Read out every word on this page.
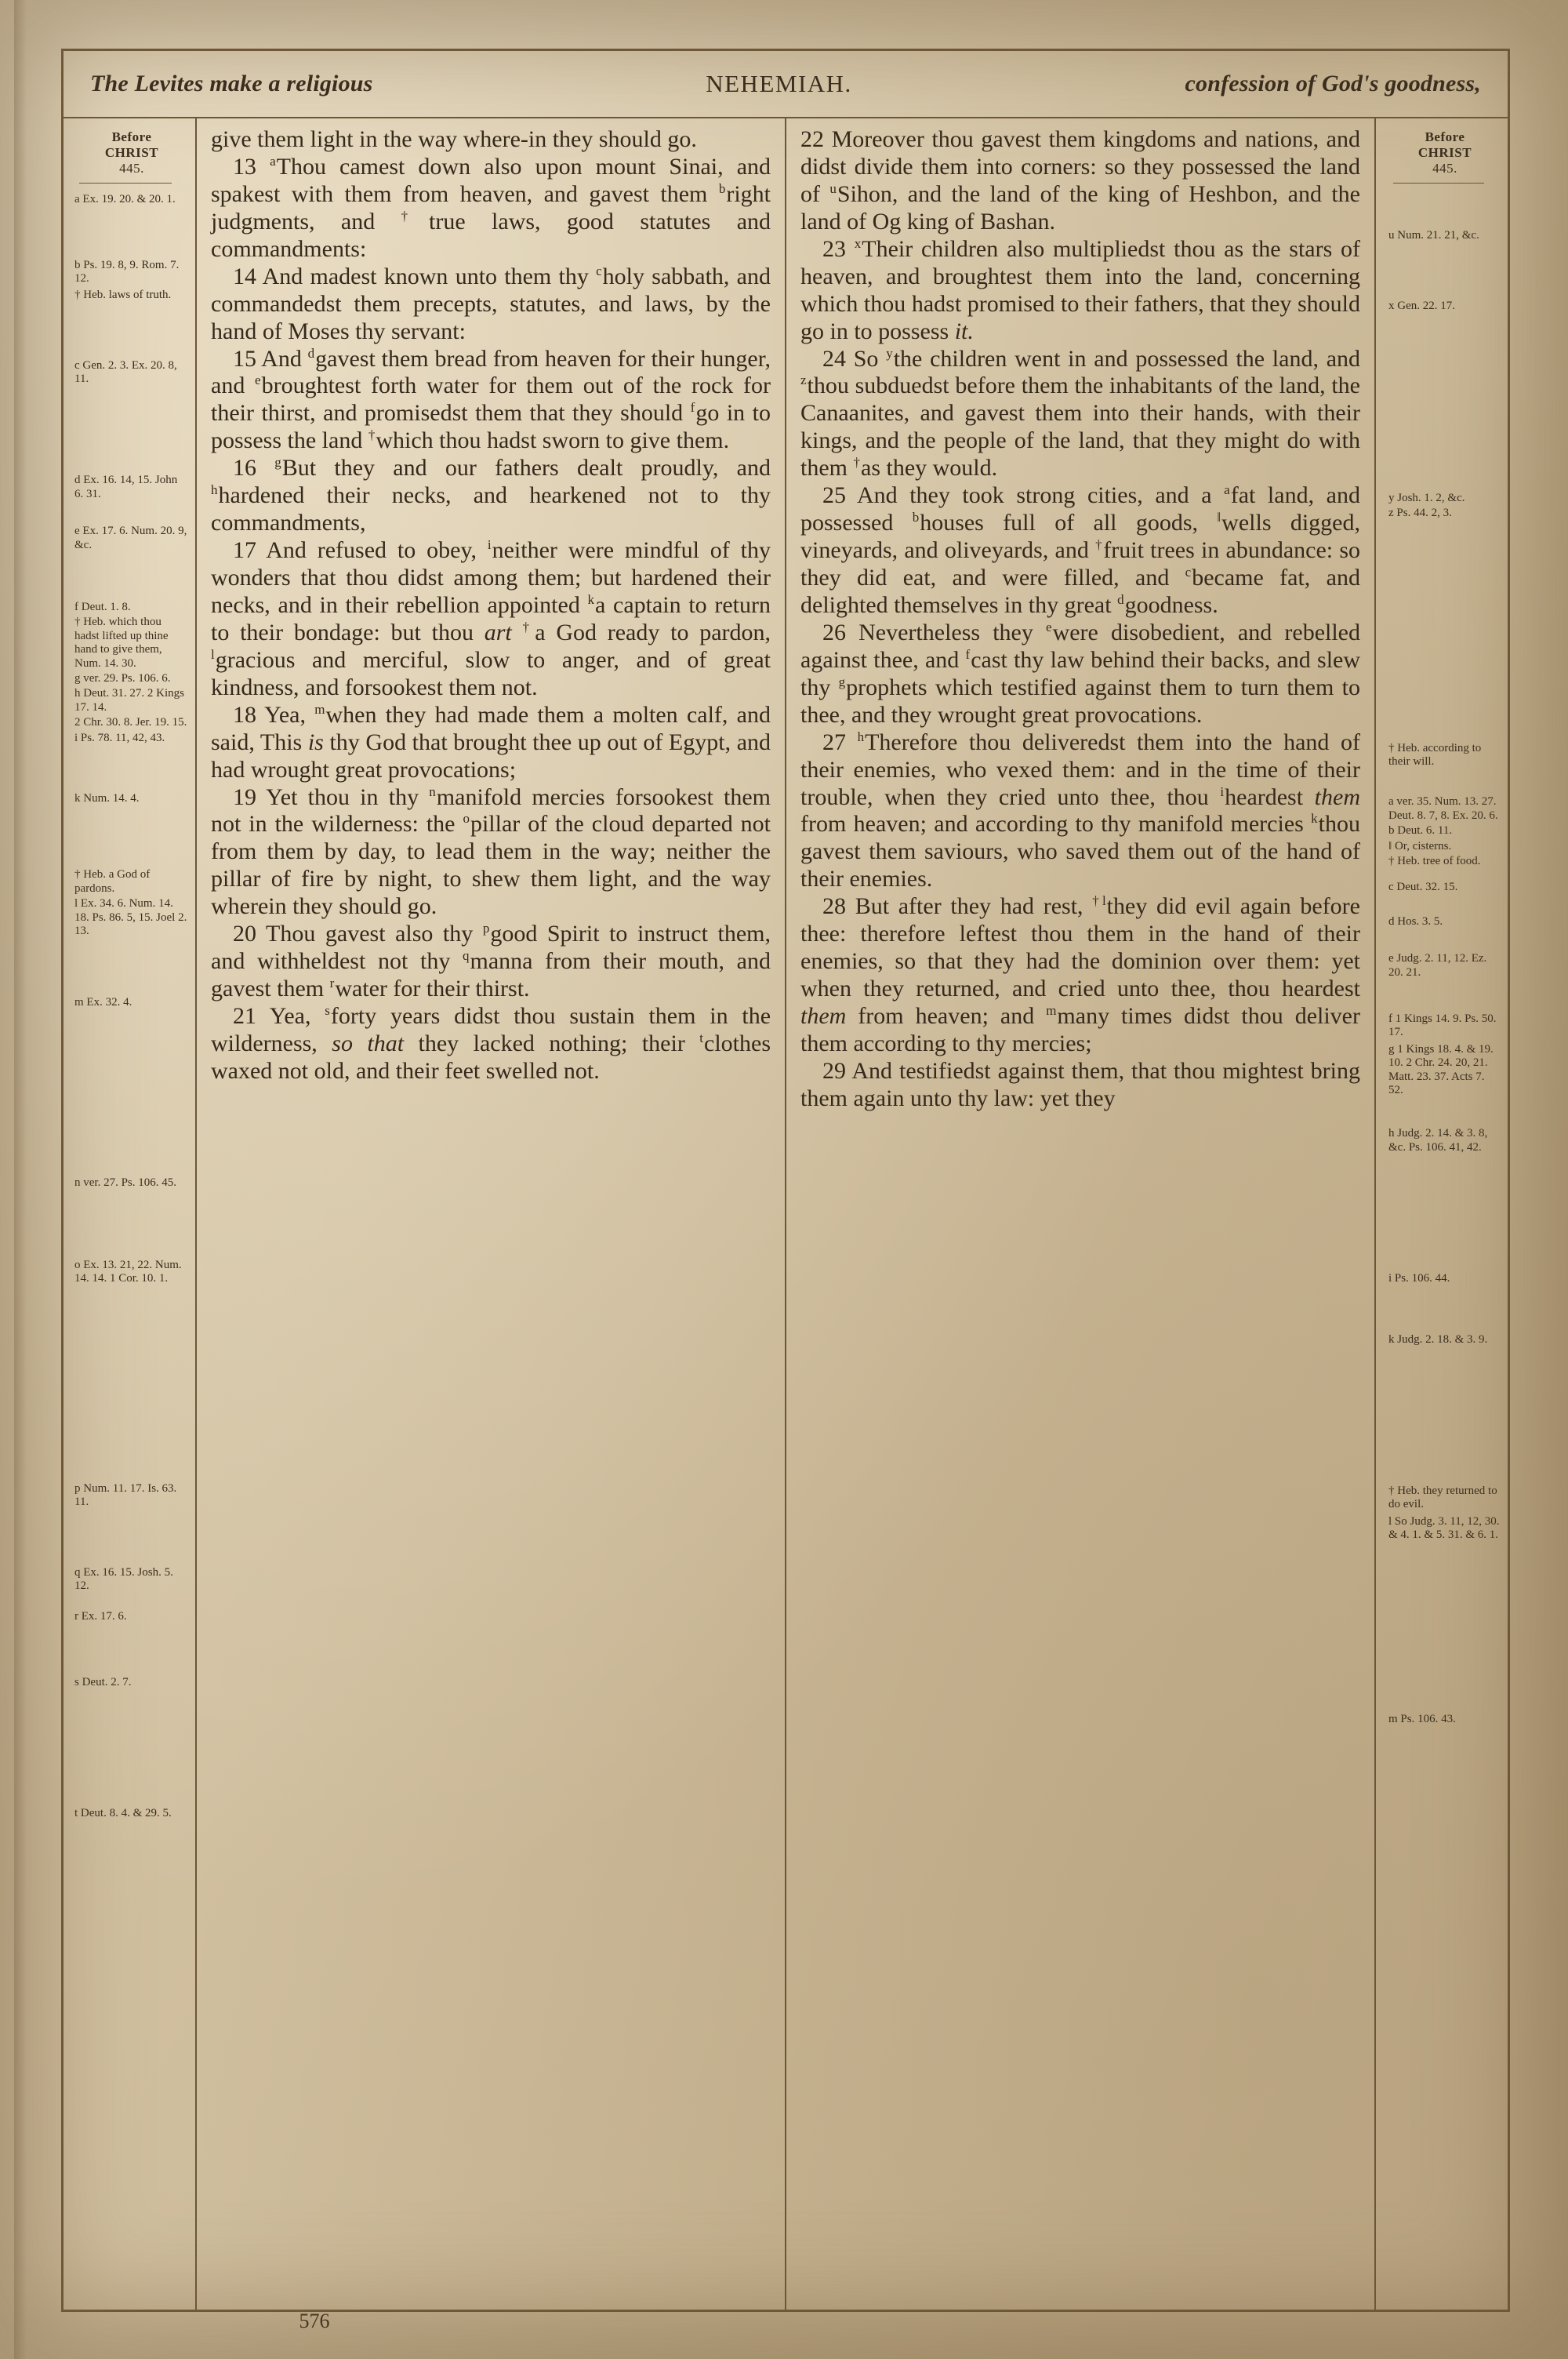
The Levites make a religious	NEHEMIAH.	confession of God's goodness,
Before
CHRIST
445.
a Ex. 19. 20. & 20. 1.
b Ps. 19. 8, 9. Rom. 7. 12.
† Heb. laws of truth.
c Gen. 2. 3. Ex. 20. 8, 11.
d Ex. 16. 14, 15. John 6. 31.
e Ex. 17. 6. Num. 20. 9, &c.
f Deut. 1. 8.
† Heb. which thou hadst lifted up thine hand to give them, Num. 14. 30.
g ver. 29. Ps. 106. 6.
h Deut. 31. 27. 2 Kings 17. 14.
2 Chr. 30. 8. Jer. 19. 15.
i Ps. 78. 11, 42, 43.
k Num. 14. 4.
† Heb. a God of pardons.
l Ex. 34. 6. Num. 14. 18. Ps. 86. 5, 15. Joel 2. 13.
m Ex. 32. 4.
n ver. 27. Ps. 106. 45.
o Ex. 13. 21, 22. Num. 14. 14. 1 Cor. 10. 1.
p Num. 11. 17. Is. 63. 11.
q Ex. 16. 15. Josh. 5. 12.
r Ex. 17. 6.
s Deut. 2. 7.
t Deut. 8. 4. & 29. 5.

give them light in the way where-in they should go.

13 $^a$Thou camest down also upon mount Sinai, and spakest with them from heaven, and gavest them $^b$right judgments, and †true laws, good statutes and commandments:

14 And madest known unto them thy $^c$holy sabbath, and commandedst them precepts, statutes, and laws, by the hand of Moses thy servant:

15 And $^d$gavest them bread from heaven for their hunger, and $^e$broughtest forth water for them out of the rock for their thirst, and promisedst them that they should $^f$go in to possess the land †which thou hadst sworn to give them.

16 $^g$But they and our fathers dealt proudly, and $^h$hardened their necks, and hearkened not to thy commandments,

17 And refused to obey, $^i$neither were mindful of thy wonders that thou didst among them; but hardened their necks, and in their rebellion appointed $^k$a captain to return to their bondage: but thou art †a God ready to pardon, $^l$gracious and merciful, slow to anger, and of great kindness, and forsookest them not.

18 Yea, $^m$when they had made them a molten calf, and said, This is thy God that brought thee up out of Egypt, and had wrought great provocations;

19 Yet thou in thy $^n$manifold mercies forsookest them not in the wilderness: the $^o$pillar of the cloud departed not from them by day, to lead them in the way; neither the pillar of fire by night, to shew them light, and the way wherein they should go.

20 Thou gavest also thy $^p$good Spirit to instruct them, and withheldest not thy $^q$manna from their mouth, and gavest them $^r$water for their thirst.

21 Yea, $^s$forty years didst thou sustain them in the wilderness, so that they lacked nothing; their $^t$clothes waxed not old, and their feet swelled not.

22 Moreover thou gavest them kingdoms and nations, and didst divide them into corners: so they possessed the land of $^u$Sihon, and the land of the king of Heshbon, and the land of Og king of Bashan.

23 $^x$Their children also multipliedst thou as the stars of heaven, and broughtest them into the land, concerning which thou hadst promised to their fathers, that they should go in to possess it.

24 So $^y$the children went in and possessed the land, and $^z$thou subduedst before them the inhabitants of the land, the Canaanites, and gavest them into their hands, with their kings, and the people of the land, that they might do with them †as they would.

25 And they took strong cities, and a $^a$fat land, and possessed $^b$houses full of all goods, ‖wells digged, vineyards, and oliveyards, and †fruit trees in abundance: so they did eat, and were filled, and $^c$became fat, and delighted themselves in thy great $^d$goodness.

26 Nevertheless they $^e$were disobedient, and rebelled against thee, and $^f$cast thy law behind their backs, and slew thy $^g$prophets which testified against them to turn them to thee, and they wrought great provocations.

27 $^h$Therefore thou deliveredst them into the hand of their enemies, who vexed them: and in the time of their trouble, when they cried unto thee, thou $^i$heardest them from heaven; and according to thy manifold mercies $^k$thou gavest them saviours, who saved them out of the hand of their enemies.

28 But after they had rest, $^{\dagger l}$they did evil again before thee: therefore leftest thou them in the hand of their enemies, so that they had the dominion over them: yet when they returned, and cried unto thee, thou heardest them from heaven; and $^m$many times didst thou deliver them according to thy mercies;

29 And testifiedst against them, that thou mightest bring them again unto thy law: yet they

Before
CHRIST
445.
u Num. 21. 21, &c.
x Gen. 22. 17.
y Josh. 1. 2, &c.
z Ps. 44. 2, 3.
† Heb. according to their will.
a ver. 35. Num. 13. 27. Deut. 8. 7, 8. Ex. 20. 6.
b Deut. 6. 11.
‖ Or, cisterns.
† Heb. tree of food.
c Deut. 32. 15.
d Hos. 3. 5.
e Judg. 2. 11, 12. Ez. 20. 21.
f 1 Kings 14. 9. Ps. 50. 17.
g 1 Kings 18. 4. & 19. 10. 2 Chr. 24. 20, 21. Matt. 23. 37. Acts 7. 52.
h Judg. 2. 14. & 3. 8, &c. Ps. 106. 41, 42.
i Ps. 106. 44.
k Judg. 2. 18. & 3. 9.
† Heb. they returned to do evil.
l So Judg. 3. 11, 12, 30. & 4. 1. & 5. 31. & 6. 1.
m Ps. 106. 43.
576
